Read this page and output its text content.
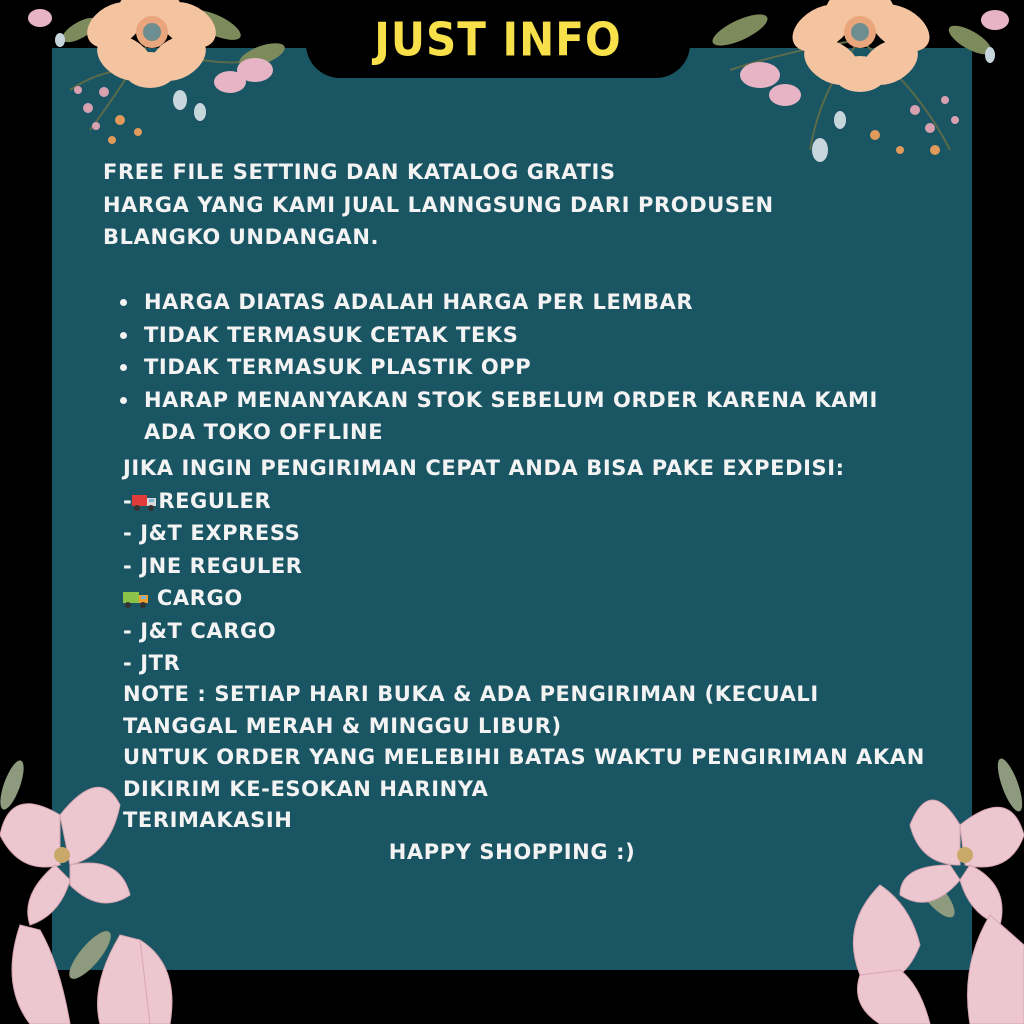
JUST INFO
FREE FILE SETTING DAN KATALOG GRATIS
HARGA YANG KAMI JUAL LANNGSUNG DARI PRODUSEN
BLANGKO UNDANGAN.
HARGA DIATAS ADALAH HARGA PER LEMBAR
TIDAK TERMASUK CETAK TEKS
TIDAK TERMASUK PLASTIK OPP
HARAP MENANYAKAN STOK SEBELUM ORDER KARENA KAMI
ADA TOKO OFFLINE
JIKA INGIN PENGIRIMAN CEPAT ANDA BISA PAKE EXPEDISI:
- REGULER
- J&T EXPRESS
- JNE REGULER
CARGO
- J&T CARGO
- JTR
NOTE : SETIAP HARI BUKA & ADA PENGIRIMAN (KECUALI
TANGGAL MERAH & MINGGU LIBUR)
UNTUK ORDER YANG MELEBIHI BATAS WAKTU PENGIRIMAN AKAN
DIKIRIM KE-ESOKAN HARINYA
TERIMAKASIH
HAPPY SHOPPING :)
